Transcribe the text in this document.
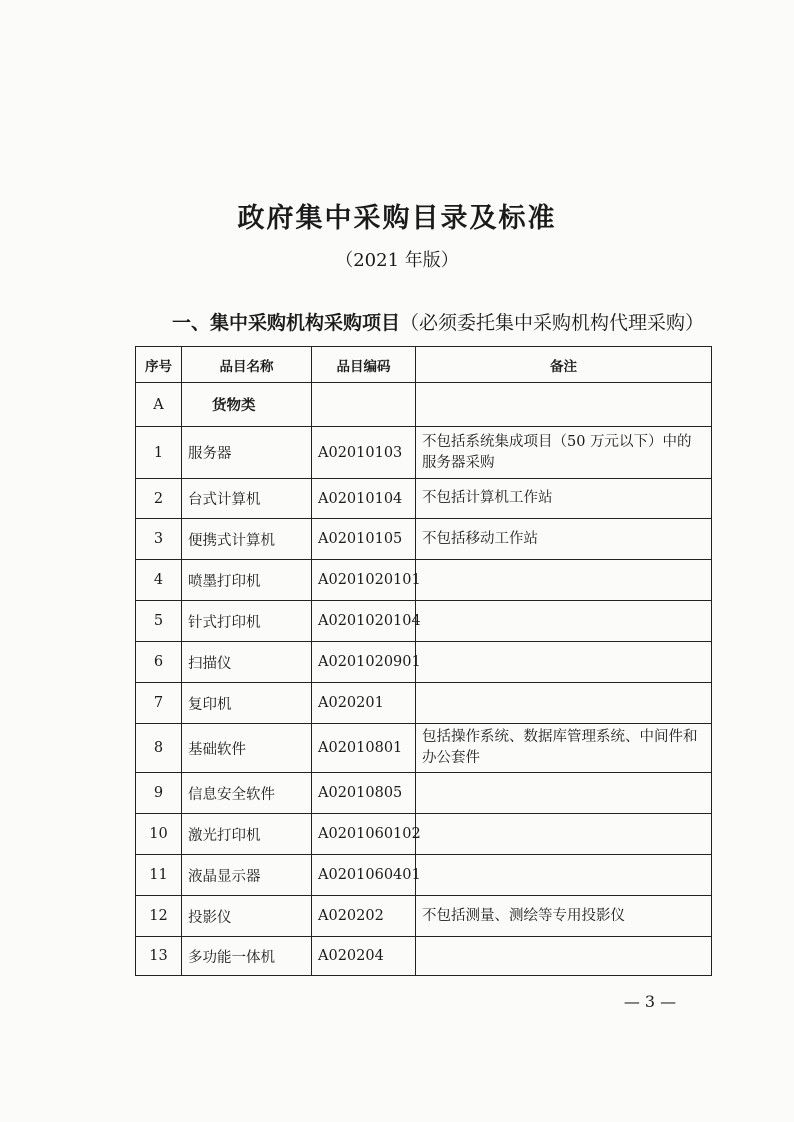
政府集中采购目录及标准
（2021 年版）
一、集中采购机构采购项目（必须委托集中采购机构代理采购）
序号	品目名称	品目编码	备注
A	货物类		
1	服务器	A02010103	不包括系统集成项目（50 万元以下）中的服务器采购
2	台式计算机	A02010104	不包括计算机工作站
3	便携式计算机	A02010105	不包括移动工作站
4	喷墨打印机	A0201020101	
5	针式打印机	A0201020104	
6	扫描仪	A0201020901	
7	复印机	A020201	
8	基础软件	A02010801	包括操作系统、数据库管理系统、中间件和办公套件
9	信息安全软件	A02010805	
10	激光打印机	A0201060102	
11	液晶显示器	A0201060401	
12	投影仪	A020202	不包括测量、测绘等专用投影仪
13	多功能一体机	A020204	
— 3 —
